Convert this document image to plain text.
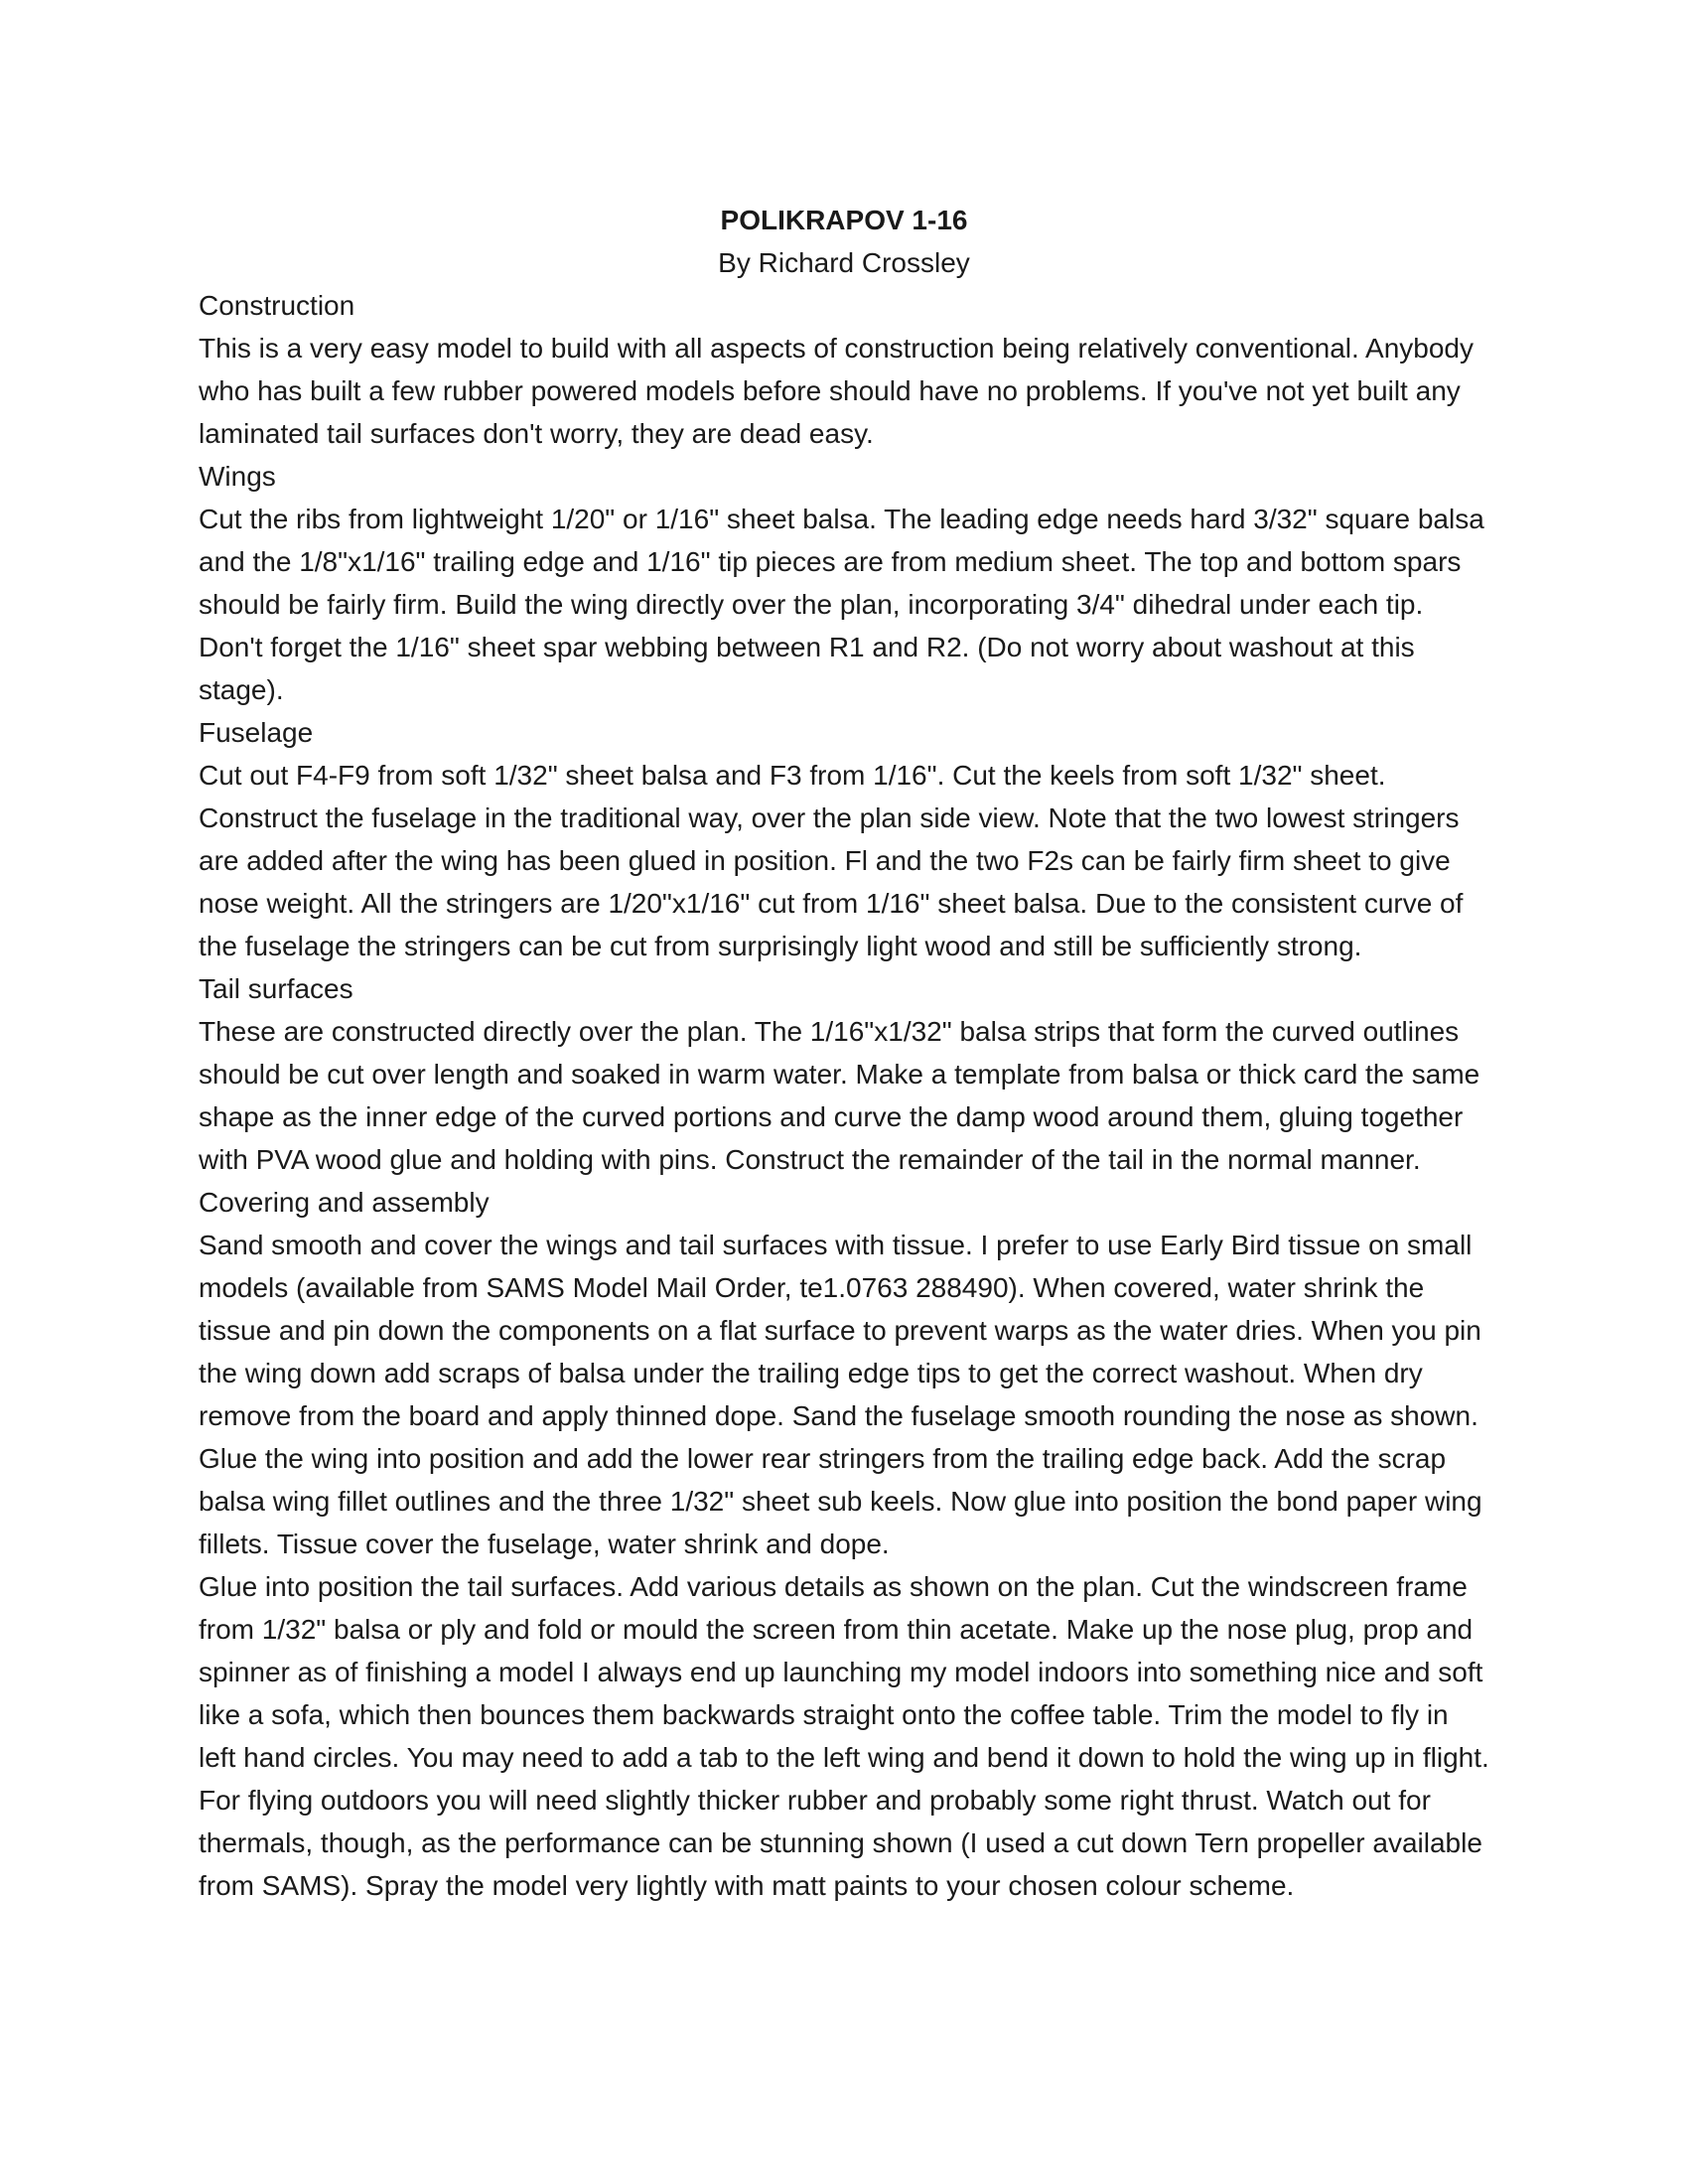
POLIKRAPOV 1-16

By Richard Crossley

Construction

This is a very easy model to build with all aspects of construction being relatively conventional. Anybody who has built a few rubber powered models before should have no problems. If you've not yet built any laminated tail surfaces don't worry, they are dead easy.

Wings

Cut the ribs from lightweight 1/20" or 1/16" sheet balsa. The leading edge needs hard 3/32" square balsa and the 1/8"x1/16" trailing edge and 1/16" tip pieces are from medium sheet. The top and bottom spars should be fairly firm. Build the wing directly over the plan, incorporating 3/4" dihedral under each tip. Don't forget the 1/16" sheet spar webbing between R1 and R2. (Do not worry about washout at this stage).

Fuselage

Cut out F4-F9 from soft 1/32" sheet balsa and F3 from 1/16". Cut the keels from soft 1/32" sheet. Construct the fuselage in the traditional way, over the plan side view. Note that the two lowest stringers are added after the wing has been glued in position. Fl and the two F2s can be fairly firm sheet to give nose weight. All the stringers are 1/20"x1/16" cut from 1/16" sheet balsa. Due to the consistent curve of the fuselage the stringers can be cut from surprisingly light wood and still be sufficiently strong.

Tail surfaces

These are constructed directly over the plan. The 1/16"x1/32" balsa strips that form the curved outlines should be cut over length and soaked in warm water. Make a template from balsa or thick card the same shape as the inner edge of the curved portions and curve the damp wood around them, gluing together with PVA wood glue and holding with pins. Construct the remainder of the tail in the normal manner.

Covering and assembly

Sand smooth and cover the wings and tail surfaces with tissue. I prefer to use Early Bird tissue on small models (available from SAMS Model Mail Order, te1.0763 288490). When covered, water shrink the tissue and pin down the components on a flat surface to prevent warps as the water dries. When you pin the wing down add scraps of balsa under the trailing edge tips to get the correct washout. When dry remove from the board and apply thinned dope. Sand the fuselage smooth rounding the nose as shown. Glue the wing into position and add the lower rear stringers from the trailing edge back. Add the scrap balsa wing fillet outlines and the three 1/32" sheet sub keels. Now glue into position the bond paper wing fillets. Tissue cover the fuselage, water shrink and dope.

Glue into position the tail surfaces. Add various details as shown on the plan. Cut the windscreen frame from 1/32" balsa or ply and fold or mould the screen from thin acetate. Make up the nose plug, prop and spinner as of finishing a model I always end up launching my model indoors into something nice and soft like a sofa, which then bounces them backwards straight onto the coffee table. Trim the model to fly in left hand circles. You may need to add a tab to the left wing and bend it down to hold the wing up in flight. For flying outdoors you will need slightly thicker rubber and probably some right thrust. Watch out for thermals, though, as the performance can be stunning shown (I used a cut down Tern propeller available from SAMS). Spray the model very lightly with matt paints to your chosen colour scheme.
